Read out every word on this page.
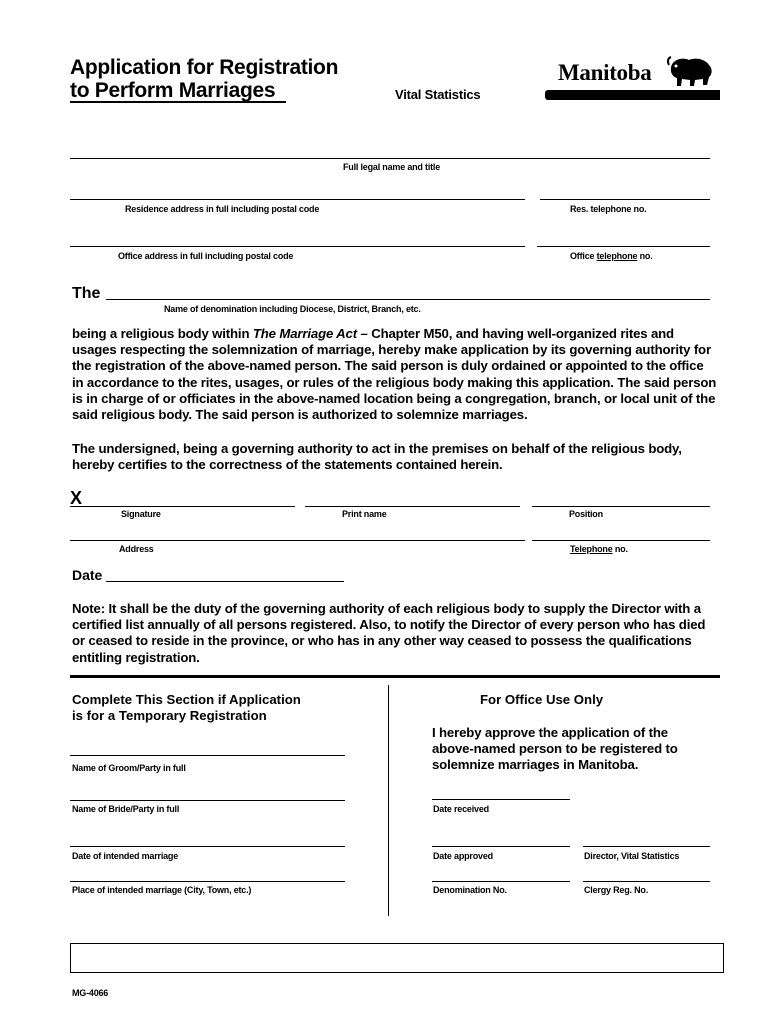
Application for Registration
to Perform Marriages	Vital Statistics
Manitoba
Full legal name and title
Residence address in full including postal code	Res. telephone no.
Office address in full including postal code	Office telephone no.
The
Name of denomination including Diocese, District, Branch, etc.
being a religious body within The Marriage Act – Chapter M50, and having well-organized rites and usages respecting the solemnization of marriage, hereby make application by its governing authority for the registration of the above-named person. The said person is duly ordained or appointed to the office in accordance to the rites, usages, or rules of the religious body making this application. The said person is in charge of or officiates in the above-named location being a congregation, branch, or local unit of the said religious body. The said person is authorized to solemnize marriages.
The undersigned, being a governing authority to act in the premises on behalf of the religious body, hereby certifies to the correctness of the statements contained herein.
X
Signature	Print name	Position
Address	Telephone no.
Date
Note: It shall be the duty of the governing authority of each religious body to supply the Director with a certified list annually of all persons registered. Also, to notify the Director of every person who has died or ceased to reside in the province, or who has in any other way ceased to possess the qualifications entitling registration.
Complete This Section if Application
is for a Temporary Registration
Name of Groom/Party in full
Name of Bride/Party in full
Date of intended marriage
Place of intended marriage (City, Town, etc.)
For Office Use Only
I hereby approve the application of the above-named person to be registered to solemnize marriages in Manitoba.
Date received
Date approved	Director, Vital Statistics
Denomination No.	Clergy Reg. No.
MG-4066
